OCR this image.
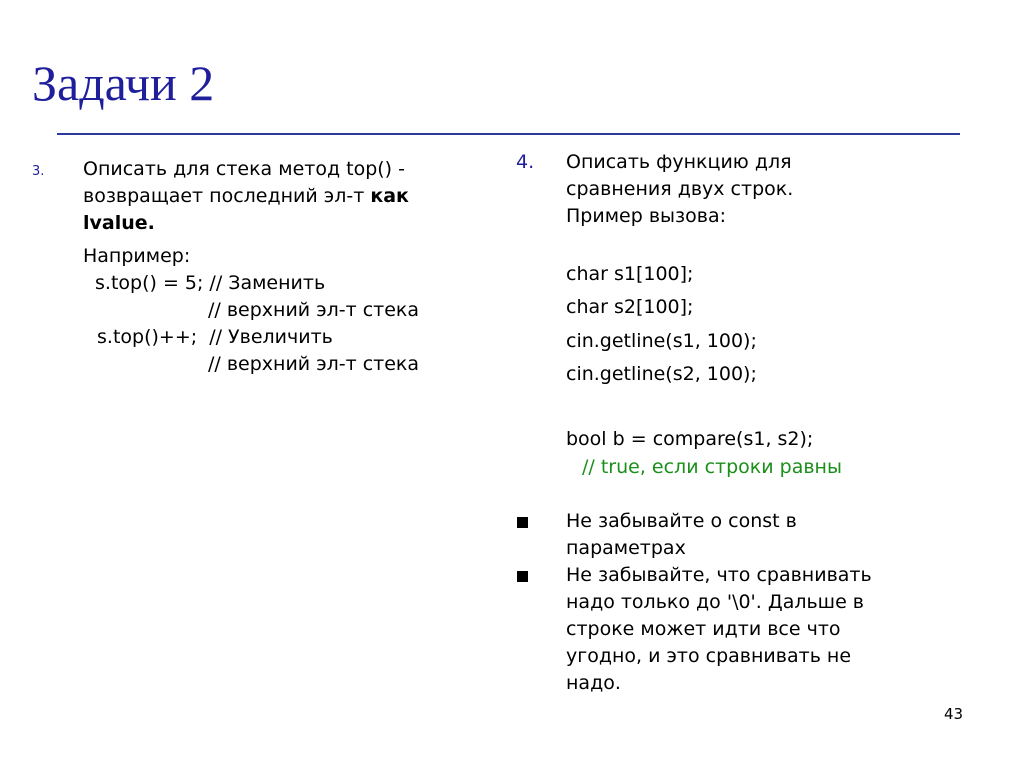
Задачи 2
3. Описать для стека метод top() -
возвращает последний эл-т как
lvalue.
Например:
s.top() = 5; // Заменить
// верхний эл-т стека
s.top()++;  // Увеличить
// верхний эл-т стека
4. Описать функцию для
сравнения двух строк.
Пример вызова:
char s1[100];
char s2[100];
cin.getline(s1, 100);
cin.getline(s2, 100);
bool b = compare(s1, s2);
// true, если строки равны
Не забывайте о const в
параметрах
Не забывайте, что сравнивать
надо только до '\0'. Дальше в
строке может идти все что
угодно, и это сравнивать не
надо.
43
